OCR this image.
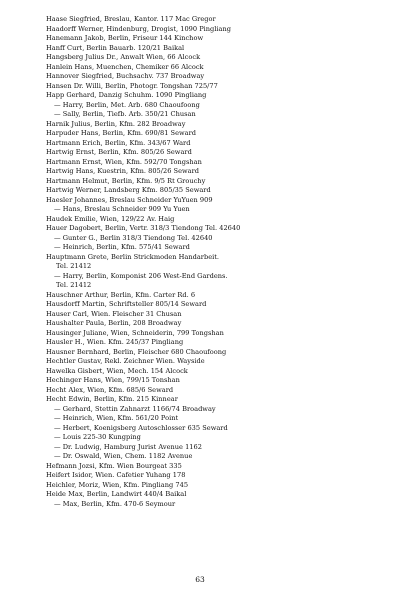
Haase Siegfried, Breslau, Kantor. 117 Mac Gregor
Haadorff Werner, Hindenburg, Drogist, 1090 Pingliang
Hanemann Jakob, Berlin, Friseur 144 Kinchow
Hanff Curt, Berlin Bauarb. 120/21 Baikal
Hangsberg Julius Dr., Anwalt Wien, 66 Alcock
Hanlein Hans, Muenchen, Chemiker 66 Alcock
Hannover Siegfried, Buchsachv. 737 Broadway
Hansen Dr. Willi, Berlin, Photogr. Tongshan 725/77
Happ Gerhard, Danzig Schuhm. 1090 Pingliang
— Harry, Berlin, Met. Arb. 680 Chaoufoong
— Sally, Berlin, Tiefb. Arb. 350/21 Chusan
Harnik Julius, Berlin, Kfm. 282 Broadway
Harpuder Hans, Berlin, Kfm. 690/81 Seward
Hartmann Erich, Berlin, Kfm. 343/67 Ward
Hartwig Ernst, Berlin, Kfm. 805/26 Seward
Hartmann Ernst, Wien, Kfm. 592/70 Tongshan
Hartwig Hans, Kuestrin, Kfm. 805/26 Seward
Hartmann Helmut, Berlin, Kfm. 9/5 Rt Grouchy
Hartwig Werner, Landsberg Kfm. 805/35 Seward
Haesler Johannes, Breslau Schneider YuYuen 909
— Hans, Breslau Schneider 909 Yu Yuen
Haudek Emilie, Wien, 129/22 Av. Haig
Hauer Dagobert, Berlin, Vertr. 318/3 Tiendong Tel. 42640
— Gunter G., Berlin 318/3 Tiendong Tel. 42640
— Heinrich, Berlin, Kfm. 575/41 Seward
Hauptmann Grete, Berlin Strickmoden Handarbeit.
Tel. 21412
— Harry, Berlin, Komponist 206 West-End Gardens.
Tel. 21412
Hauschner Arthur, Berlin, Kfm. Carter Rd. 6
Hausdorff Martin, Schriftsteller 805/14 Seward
Hauser Carl, Wien. Fleischer 31 Chusan
Haushalter Paula, Berlin, 208 Broadway
Hausinger Juliane, Wien, Schneiderin, 799 Tongshan
Hausler H., Wien. Kfm. 245/37 Pingliang
Hausner Bernhard, Berlin, Fleischer 680 Chaoufoong
Hechtler Gustav, Rekl. Zeichner Wien. Wayside
Hawelka Gisbert, Wien, Mech. 154 Alcock
Hechinger Hans, Wien, 799/15 Tonshan
Hecht Alex, Wien, Kfm. 685/6 Seward
Hecht Edwin, Berlin, Kfm. 215 Kinnear
— Gerhard, Stettin Zahnarzt 1166/74 Broadway
— Heinrich, Wien, Kfm. 561/20 Point
— Herbert, Koenigsberg Autoschlosser 635 Seward
— Louis 225-30 Kungping
— Dr. Ludwig, Hamburg Jurist Avenue 1162
— Dr. Oswald, Wien, Chem. 1182 Avenue
Hefmann Jozsi, Kfm. Wien Bourgeat 335
Heifert Isidor, Wien. Cafetier Yuhang 178
Heichler, Moriz, Wien, Kfm. Pingliang 745
Heide Max, Berlin, Landwirt 440/4 Baikal
— Max, Berlin, Kfm. 470-6 Seymour
63
